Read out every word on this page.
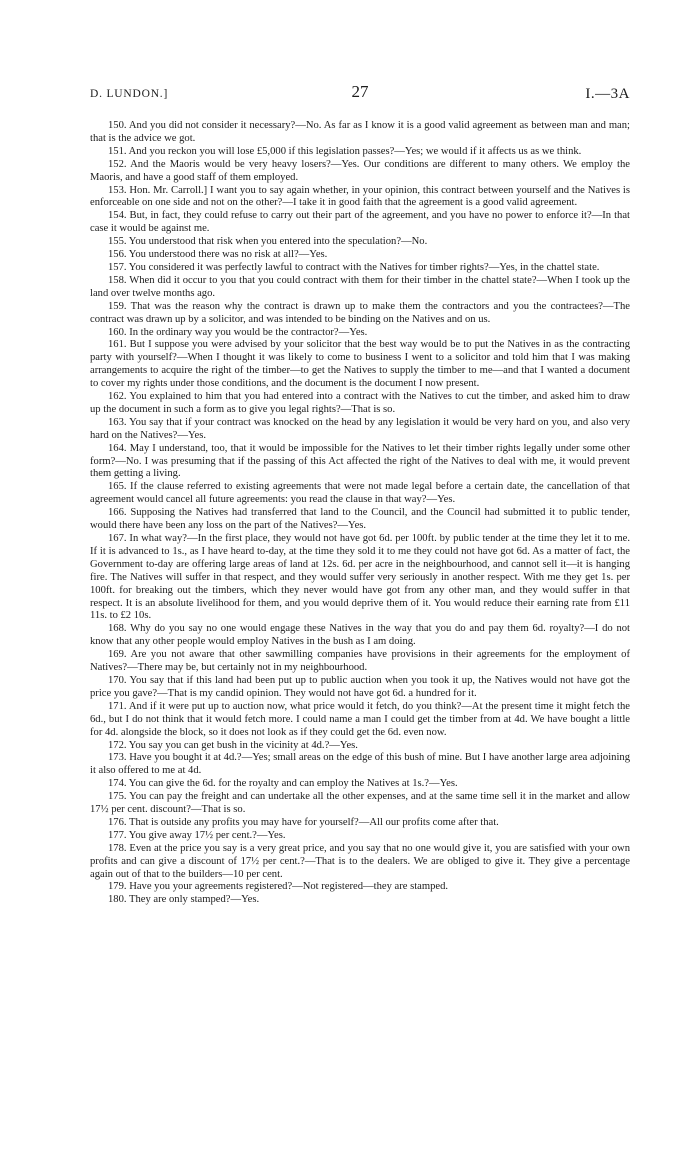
D. LUNDON.]	27	I.—3A

150. And you did not consider it necessary?—No. As far as I know it is a good valid agreement as between man and man; that is the advice we got.

151. And you reckon you will lose £5,000 if this legislation passes?—Yes; we would if it affects us as we think.

152. And the Maoris would be very heavy losers?—Yes. Our conditions are different to many others. We employ the Maoris, and have a good staff of them employed.

153. Hon. Mr. Carroll.] I want you to say again whether, in your opinion, this contract between yourself and the Natives is enforceable on one side and not on the other?—I take it in good faith that the agreement is a good valid agreement.

154. But, in fact, they could refuse to carry out their part of the agreement, and you have no power to enforce it?—In that case it would be against me.

155. You understood that risk when you entered into the speculation?—No.

156. You understood there was no risk at all?—Yes.

157. You considered it was perfectly lawful to contract with the Natives for timber rights?—Yes, in the chattel state.

158. When did it occur to you that you could contract with them for their timber in the chattel state?—When I took up the land over twelve months ago.

159. That was the reason why the contract is drawn up to make them the contractors and you the contractees?—The contract was drawn up by a solicitor, and was intended to be binding on the Natives and on us.

160. In the ordinary way you would be the contractor?—Yes.

161. But I suppose you were advised by your solicitor that the best way would be to put the Natives in as the contracting party with yourself?—When I thought it was likely to come to business I went to a solicitor and told him that I was making arrangements to acquire the right of the timber—to get the Natives to supply the timber to me—and that I wanted a document to cover my rights under those conditions, and the document is the document I now present.

162. You explained to him that you had entered into a contract with the Natives to cut the timber, and asked him to draw up the document in such a form as to give you legal rights?—That is so.

163. You say that if your contract was knocked on the head by any legislation it would be very hard on you, and also very hard on the Natives?—Yes.

164. May I understand, too, that it would be impossible for the Natives to let their timber rights legally under some other form?—No. I was presuming that if the passing of this Act affected the right of the Natives to deal with me, it would prevent them getting a living.

165. If the clause referred to existing agreements that were not made legal before a certain date, the cancellation of that agreement would cancel all future agreements: you read the clause in that way?—Yes.

166. Supposing the Natives had transferred that land to the Council, and the Council had submitted it to public tender, would there have been any loss on the part of the Natives?—Yes.

167. In what way?—In the first place, they would not have got 6d. per 100ft. by public tender at the time they let it to me. If it is advanced to 1s., as I have heard to-day, at the time they sold it to me they could not have got 6d. As a matter of fact, the Government to-day are offering large areas of land at 12s. 6d. per acre in the neighbourhood, and cannot sell it—it is hanging fire. The Natives will suffer in that respect, and they would suffer very seriously in another respect. With me they get 1s. per 100ft. for breaking out the timbers, which they never would have got from any other man, and they would suffer in that respect. It is an absolute livelihood for them, and you would deprive them of it. You would reduce their earning rate from £11 11s. to £2 10s.

168. Why do you say no one would engage these Natives in the way that you do and pay them 6d. royalty?—I do not know that any other people would employ Natives in the bush as I am doing.

169. Are you not aware that other sawmilling companies have provisions in their agreements for the employment of Natives?—There may be, but certainly not in my neighbourhood.

170. You say that if this land had been put up to public auction when you took it up, the Natives would not have got the price you gave?—That is my candid opinion. They would not have got 6d. a hundred for it.

171. And if it were put up to auction now, what price would it fetch, do you think?—At the present time it might fetch the 6d., but I do not think that it would fetch more. I could name a man I could get the timber from at 4d. We have bought a little for 4d. alongside the block, so it does not look as if they could get the 6d. even now.

172. You say you can get bush in the vicinity at 4d.?—Yes.

173. Have you bought it at 4d.?—Yes; small areas on the edge of this bush of mine. But I have another large area adjoining it also offered to me at 4d.

174. You can give the 6d. for the royalty and can employ the Natives at 1s.?—Yes.

175. You can pay the freight and can undertake all the other expenses, and at the same time sell it in the market and allow 17½ per cent. discount?—That is so.

176. That is outside any profits you may have for yourself?—All our profits come after that.

177. You give away 17½ per cent.?—Yes.

178. Even at the price you say is a very great price, and you say that no one would give it, you are satisfied with your own profits and can give a discount of 17½ per cent.?—That is to the dealers. We are obliged to give it. They give a percentage again out of that to the builders—10 per cent.

179. Have you your agreements registered?—Not registered—they are stamped.

180. They are only stamped?—Yes.
